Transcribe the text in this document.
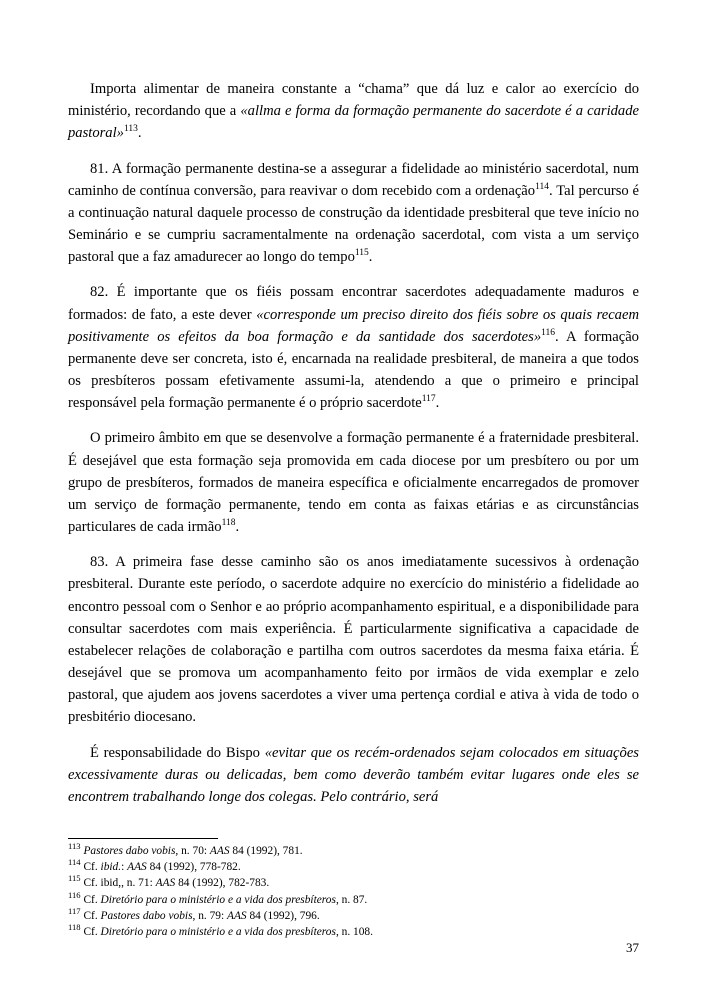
Importa alimentar de maneira constante a “chama” que dá luz e calor ao exercício do ministério, recordando que a «allma e forma da formação permanente do sacerdote é a caridade pastoral»$^{113}$.
81. A formação permanente destina-se a assegurar a fidelidade ao ministério sacerdotal, num caminho de contínua conversão, para reavivar o dom recebido com a ordenação$^{114}$. Tal percurso é a continuação natural daquele processo de construção da identidade presbiteral que teve início no Seminário e se cumpriu sacramentalmente na ordenação sacerdotal, com vista a um serviço pastoral que a faz amadurecer ao longo do tempo$^{115}$.
82. É importante que os fiéis possam encontrar sacerdotes adequadamente maduros e formados: de fato, a este dever «corresponde um preciso direito dos fiéis sobre os quais recaem positivamente os efeitos da boa formação e da santidade dos sacerdotes»$^{116}$. A formação permanente deve ser concreta, isto é, encarnada na realidade presbiteral, de maneira a que todos os presbíteros possam efetivamente assumi-la, atendendo a que o primeiro e principal responsável pela formação permanente é o próprio sacerdote$^{117}$.
O primeiro âmbito em que se desenvolve a formação permanente é a fraternidade presbiteral. É desejável que esta formação seja promovida em cada diocese por um presbítero ou por um grupo de presbíteros, formados de maneira específica e oficialmente encarregados de promover um serviço de formação permanente, tendo em conta as faixas etárias e as circunstâncias particulares de cada irmão$^{118}$.
83. A primeira fase desse caminho são os anos imediatamente sucessivos à ordenação presbiteral. Durante este período, o sacerdote adquire no exercício do ministério a fidelidade ao encontro pessoal com o Senhor e ao próprio acompanhamento espiritual, e a disponibilidade para consultar sacerdotes com mais experiência. É particularmente significativa a capacidade de estabelecer relações de colaboração e partilha com outros sacerdotes da mesma faixa etária. É desejável que se promova um acompanhamento feito por irmãos de vida exemplar e zelo pastoral, que ajudem aos jovens sacerdotes a viver uma pertença cordial e ativa à vida de todo o presbitério diocesano.
É responsabilidade do Bispo «evitar que os recém-ordenados sejam colocados em situações excessivamente duras ou delicadas, bem como deverão também evitar lugares onde eles se encontrem trabalhando longe dos colegas. Pelo contrário, será
$^{113}$ Pastores dabo vobis, n. 70: AAS 84 (1992), 781.
$^{114}$ Cf. ibid.: AAS 84 (1992), 778-782.
$^{115}$ Cf. ibid,, n. 71: AAS 84 (1992), 782-783.
$^{116}$ Cf. Diretório para o ministério e a vida dos presbíteros, n. 87.
$^{117}$ Cf. Pastores dabo vobis, n. 79: AAS 84 (1992), 796.
$^{118}$ Cf. Diretório para o ministério e a vida dos presbíteros, n. 108.
37
